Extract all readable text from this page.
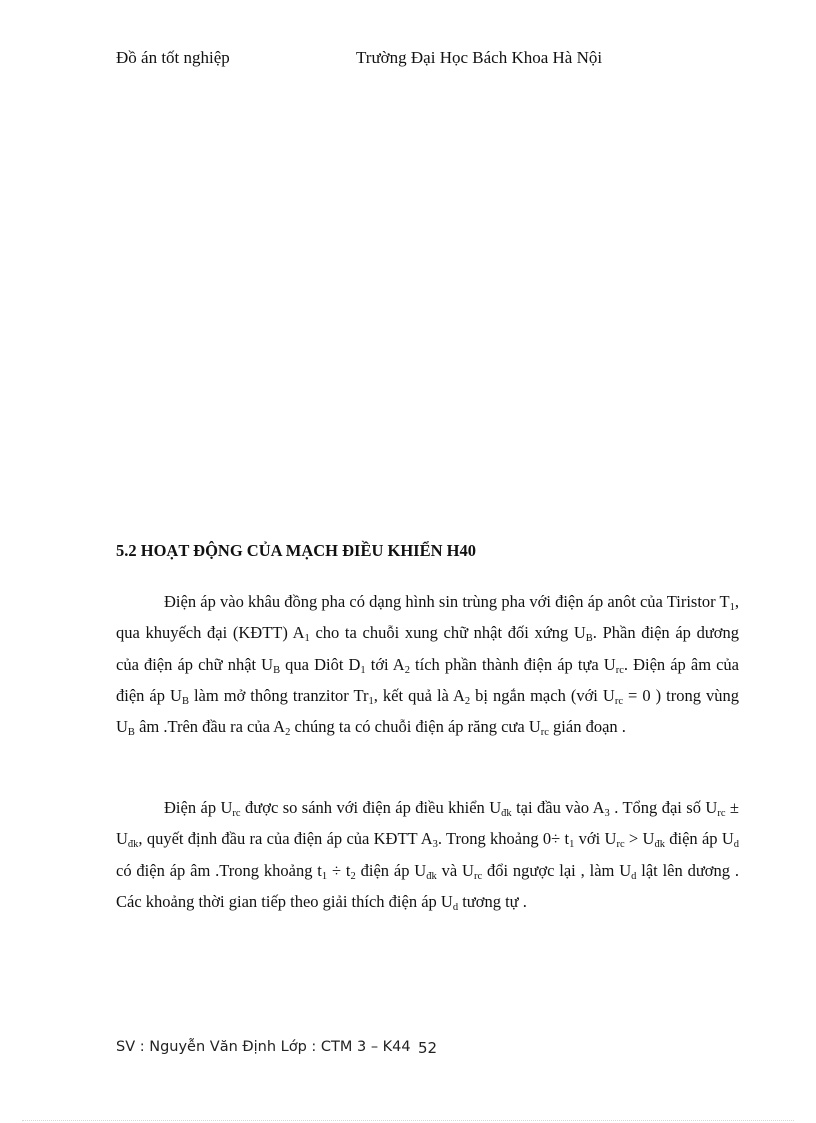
Đồ án tốt nghiệp	Trường Đại Học Bách Khoa Hà Nội
5.2 HOẠT ĐỘNG CỦA MẠCH ĐIỀU KHIỂN H40

Điện áp vào khâu đồng pha có dạng hình sin trùng pha với điện áp anôt của Tiristor $T_1$, qua khuyếch đại (KĐTT) $A_1$ cho ta chuỗi xung chữ nhật đối xứng $U_B$. Phần điện áp dương của điện áp chữ nhật $U_B$ qua Diôt $D_1$ tới $A_2$ tích phần thành điện áp tựa $U_{rc}$. Điện áp âm của điện áp $U_B$ làm mở thông tranzitor $Tr_1$, kết quả là $A_2$ bị ngắn mạch (với $U_{rc} = 0$ ) trong vùng $U_B$ âm .Trên đầu ra của $A_2$ chúng ta có chuỗi điện áp răng cưa $U_{rc}$ gián đoạn .

Điện áp $U_{rc}$ được so sánh với điện áp điều khiển $U_{đk}$ tại đầu vào $A_3$ . Tổng đại số $U_{rc} \pm U_{đk}$, quyết định đầu ra của điện áp của KĐTT $A_3$. Trong khoảng $0\div t_1$ với $U_{rc} > U_{đk}$ điện áp $U_d$ có điện áp âm .Trong khoảng $t_1 \div t_2$ điện áp $U_{đk}$ và $U_{rc}$ đổi ngược lại , làm $U_d$ lật lên dương . Các khoảng thời gian tiếp theo giải thích điện áp $U_d$ tương tự .

SV : Nguyễn Văn Định Lớp : CTM 3 – K44 52
